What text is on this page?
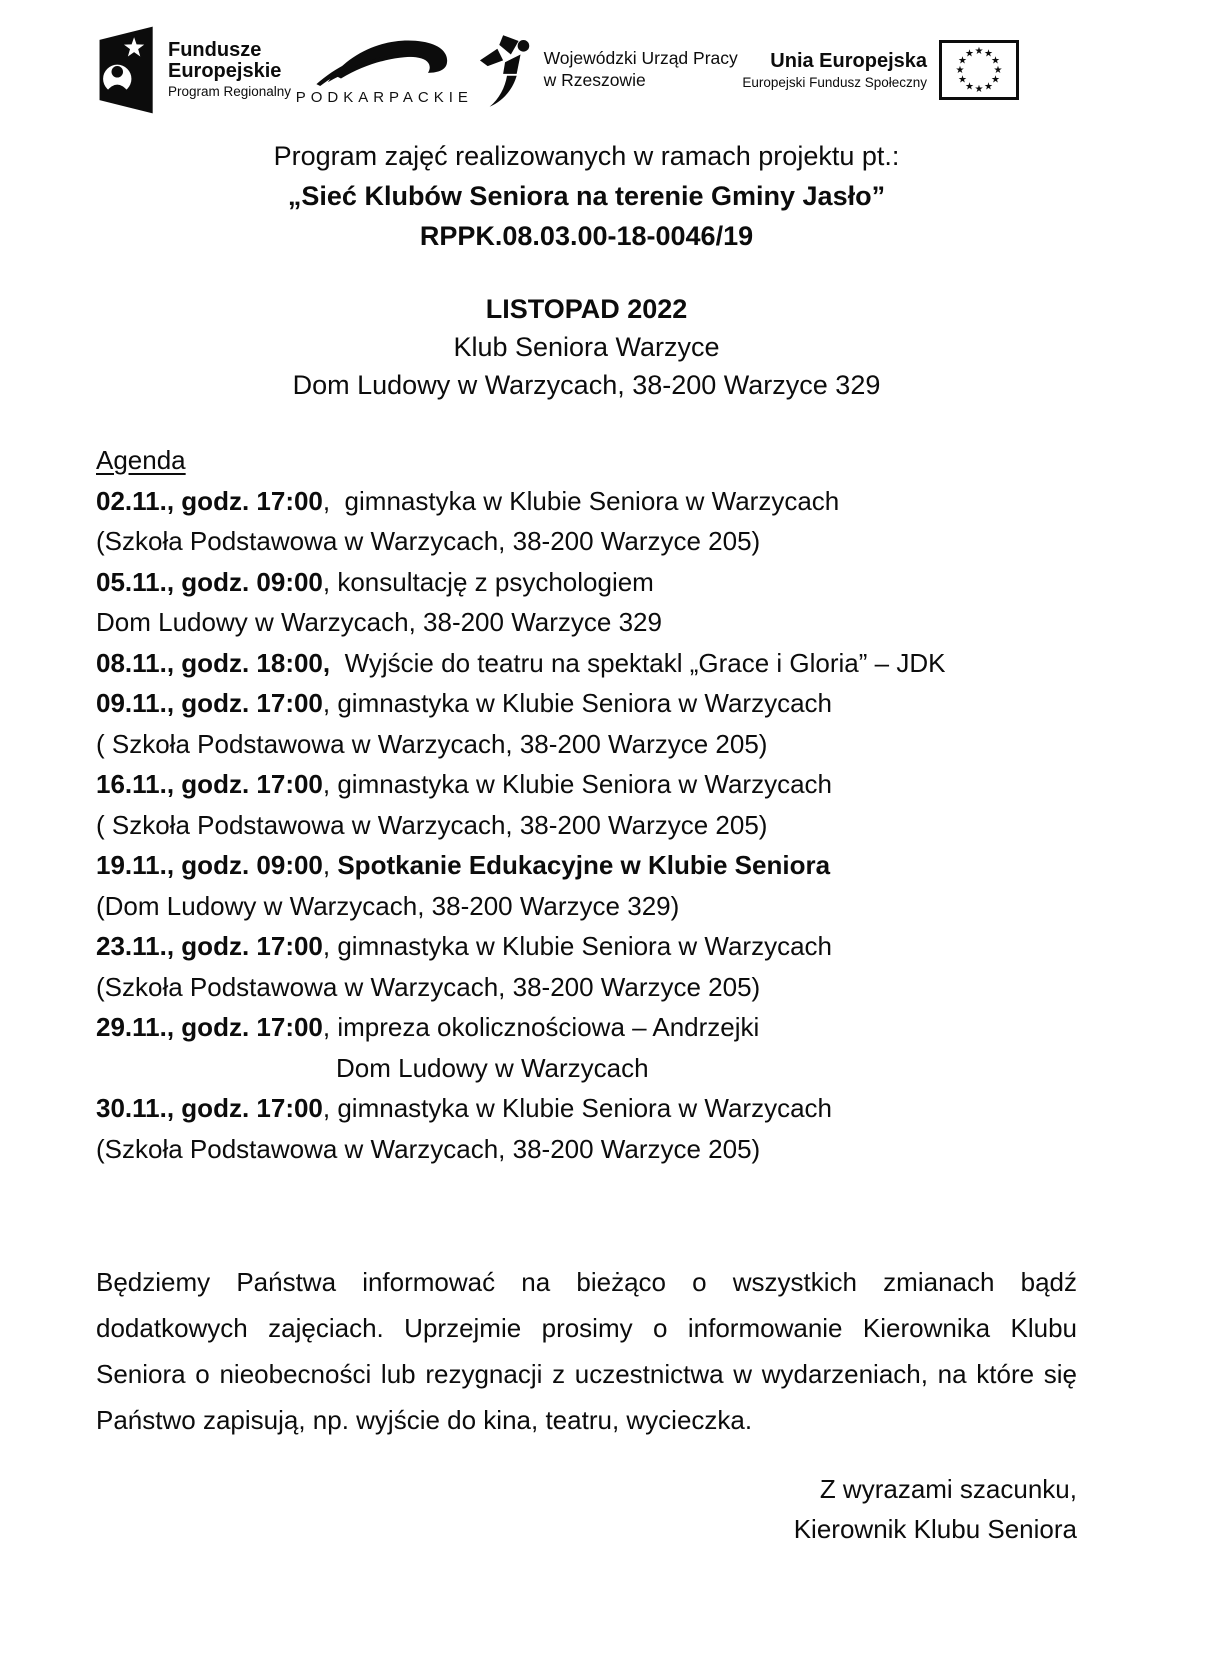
Fundusze
Europejskie
Program Regionalny PODKARPACKIE
Wojewódzki Urząd Pracy
w Rzeszowie
Unia Europejska
Europejski Fundusz Społeczny
★ ★
★
★
★
★
★
★
★
★
★
★
Program zajęć realizowanych w ramach projektu pt.:
„Sieć Klubów Seniora na terenie Gminy Jasło”
RPPK.08.03.00-18-0046/19
LISTOPAD 2022
Klub Seniora Warzyce
Dom Ludowy w Warzycach, 38-200 Warzyce 329
Agenda
02.11., godz. 17:00,  gimnastyka w Klubie Seniora w Warzycach
(Szkoła Podstawowa w Warzycach, 38-200 Warzyce 205)
05.11., godz. 09:00, konsultację z psychologiem
Dom Ludowy w Warzycach, 38-200 Warzyce 329
08.11., godz. 18:00,  Wyjście do teatru na spektakl „Grace i Gloria” – JDK
09.11., godz. 17:00, gimnastyka w Klubie Seniora w Warzycach
( Szkoła Podstawowa w Warzycach, 38-200 Warzyce 205)
16.11., godz. 17:00, gimnastyka w Klubie Seniora w Warzycach
( Szkoła Podstawowa w Warzycach, 38-200 Warzyce 205)
19.11., godz. 09:00, Spotkanie Edukacyjne w Klubie Seniora
(Dom Ludowy w Warzycach, 38-200 Warzyce 329)
23.11., godz. 17:00, gimnastyka w Klubie Seniora w Warzycach
(Szkoła Podstawowa w Warzycach, 38-200 Warzyce 205)
29.11., godz. 17:00, impreza okolicznościowa – Andrzejki
Dom Ludowy w Warzycach
30.11., godz. 17:00, gimnastyka w Klubie Seniora w Warzycach
(Szkoła Podstawowa w Warzycach, 38-200 Warzyce 205)
Będziemy Państwa informować na bieżąco o wszystkich zmianach bądź
dodatkowych zajęciach. Uprzejmie prosimy o informowanie Kierownika Klubu
Seniora o nieobecności lub rezygnacji z uczestnictwa w wydarzeniach, na które się
Państwo zapisują, np. wyjście do kina, teatru, wycieczka.
Z wyrazami szacunku,
Kierownik Klubu Seniora
